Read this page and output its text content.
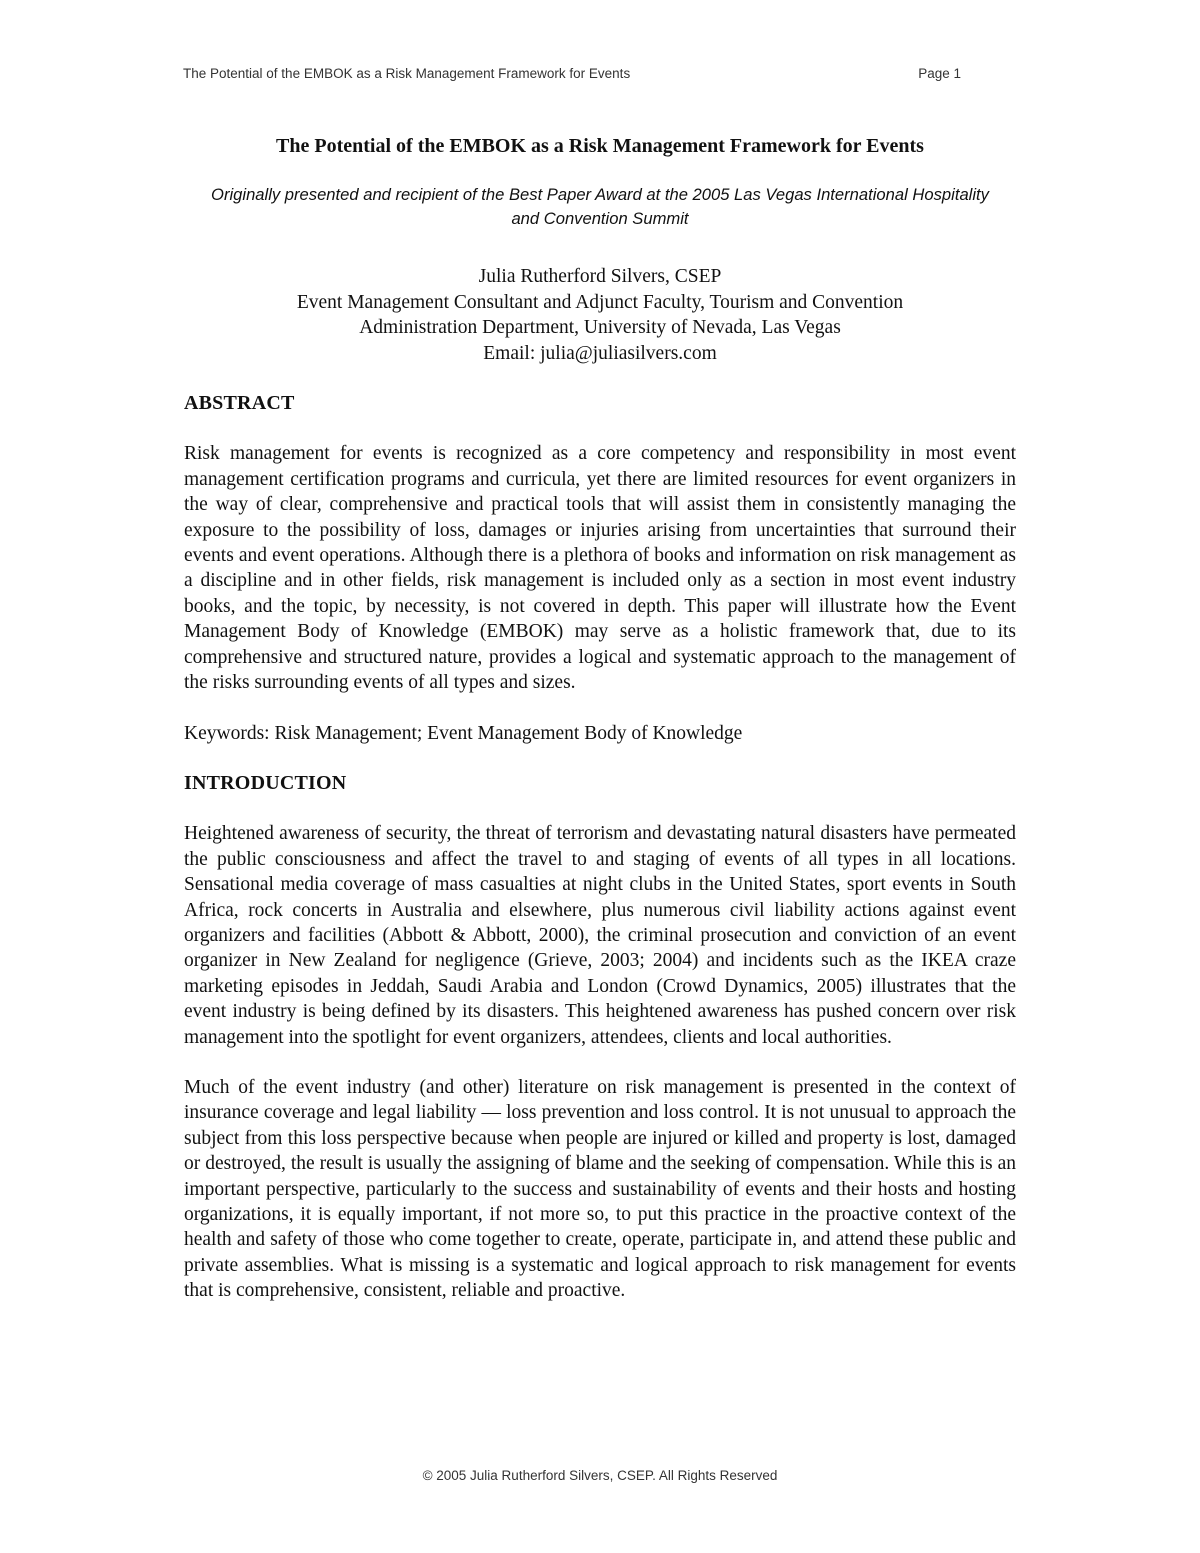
The Potential of the EMBOK as a Risk Management Framework for Events	Page 1
The Potential of the EMBOK as a Risk Management Framework for Events
Originally presented and recipient of the Best Paper Award at the 2005 Las Vegas International Hospitality and Convention Summit
Julia Rutherford Silvers, CSEP
Event Management Consultant and Adjunct Faculty, Tourism and Convention
Administration Department, University of Nevada, Las Vegas
Email: julia@juliasilvers.com
ABSTRACT
Risk management for events is recognized as a core competency and responsibility in most event management certification programs and curricula, yet there are limited resources for event organizers in the way of clear, comprehensive and practical tools that will assist them in consistently managing the exposure to the possibility of loss, damages or injuries arising from uncertainties that surround their events and event operations. Although there is a plethora of books and information on risk management as a discipline and in other fields, risk management is included only as a section in most event industry books, and the topic, by necessity, is not covered in depth. This paper will illustrate how the Event Management Body of Knowledge (EMBOK) may serve as a holistic framework that, due to its comprehensive and structured nature, provides a logical and systematic approach to the management of the risks surrounding events of all types and sizes.
Keywords: Risk Management; Event Management Body of Knowledge
INTRODUCTION
Heightened awareness of security, the threat of terrorism and devastating natural disasters have permeated the public consciousness and affect the travel to and staging of events of all types in all locations. Sensational media coverage of mass casualties at night clubs in the United States, sport events in South Africa, rock concerts in Australia and elsewhere, plus numerous civil liability actions against event organizers and facilities (Abbott & Abbott, 2000), the criminal prosecution and conviction of an event organizer in New Zealand for negligence (Grieve, 2003; 2004) and incidents such as the IKEA craze marketing episodes in Jeddah, Saudi Arabia and London (Crowd Dynamics, 2005) illustrates that the event industry is being defined by its disasters. This heightened awareness has pushed concern over risk management into the spotlight for event organizers, attendees, clients and local authorities.
Much of the event industry (and other) literature on risk management is presented in the context of insurance coverage and legal liability — loss prevention and loss control. It is not unusual to approach the subject from this loss perspective because when people are injured or killed and property is lost, damaged or destroyed, the result is usually the assigning of blame and the seeking of compensation. While this is an important perspective, particularly to the success and sustainability of events and their hosts and hosting organizations, it is equally important, if not more so, to put this practice in the proactive context of the health and safety of those who come together to create, operate, participate in, and attend these public and private assemblies. What is missing is a systematic and logical approach to risk management for events that is comprehensive, consistent, reliable and proactive.
© 2005 Julia Rutherford Silvers, CSEP. All Rights Reserved
